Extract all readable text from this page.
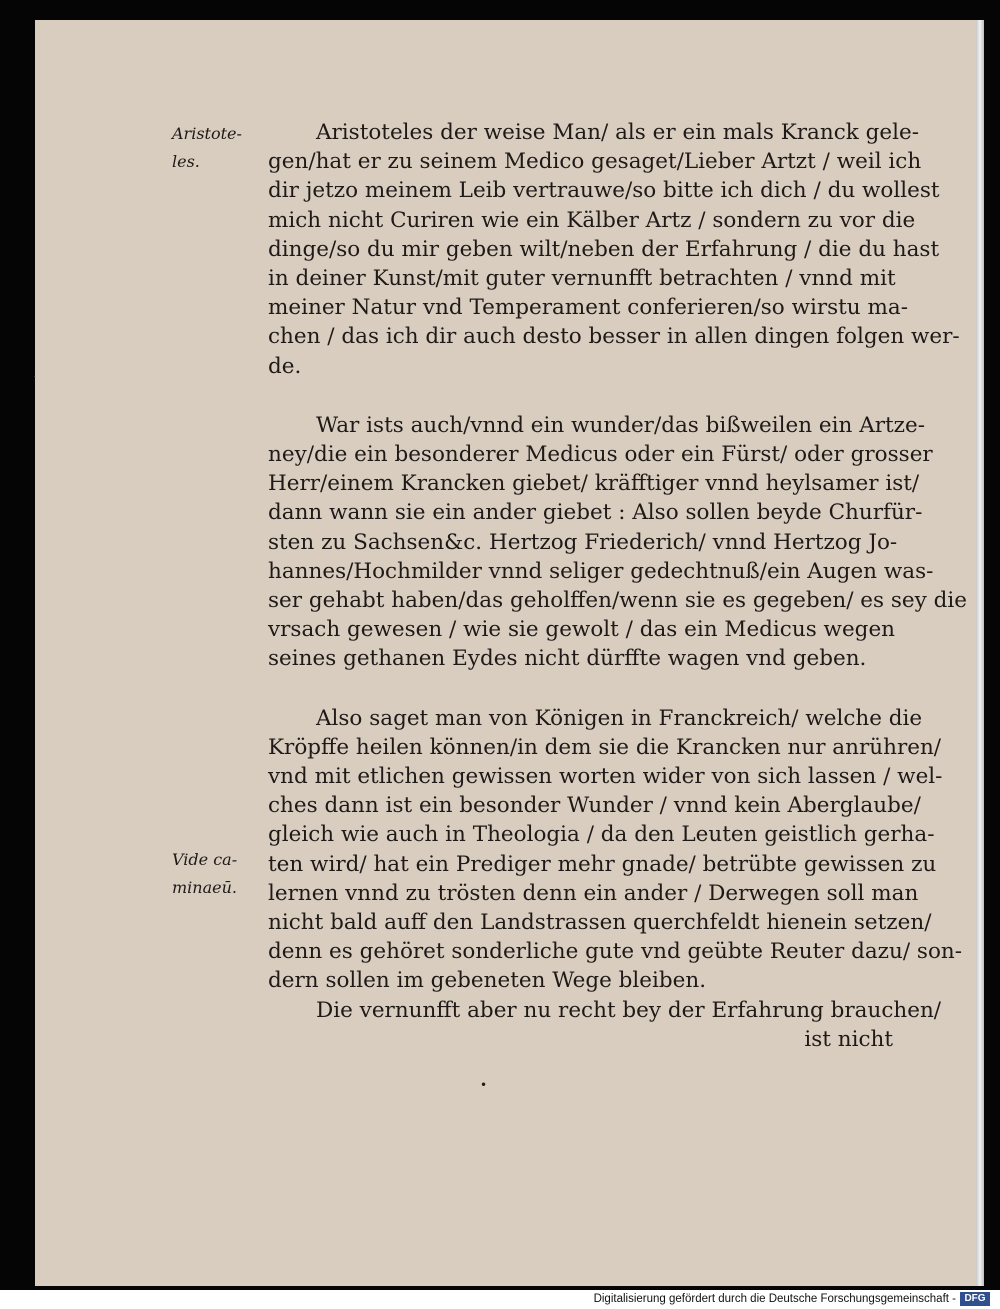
·
Aristote-
les.
Vide ca-
minaeū.
Aristoteles der weise Man/ als er ein mals Kranck gele-
gen/hat er zu seinem Medico gesaget/Lieber Artzt / weil ich
dir jetzo meinem Leib vertrauwe/so bitte ich dich / du wollest
mich nicht Curiren wie ein Kälber Artz / sondern zu vor die
dinge/so du mir geben wilt/neben der Erfahrung / die du hast
in deiner Kunst/mit guter vernunfft betrachten / vnnd mit
meiner Natur vnd Temperament conferieren/so wirstu ma-
chen / das ich dir auch desto besser in allen dingen folgen wer-
de.
War ists auch/vnnd ein wunder/das bißweilen ein Artze-
ney/die ein besonderer Medicus oder ein Fürst/ oder grosser
Herr/einem Krancken giebet/ kräfftiger vnnd heylsamer ist/
dann wann sie ein ander giebet : Also sollen beyde Churfür-
sten zu Sachsen&c. Hertzog Friederich/ vnnd Hertzog Jo-
hannes/Hochmilder vnnd seliger gedechtnuß/ein Augen was-
ser gehabt haben/das geholffen/wenn sie es gegeben/ es sey die
vrsach gewesen / wie sie gewolt / das ein Medicus wegen
seines gethanen Eydes nicht dürffte wagen vnd geben.
Also saget man von Königen in Franckreich/ welche die
Kröpffe heilen können/in dem sie die Krancken nur anrühren/
vnd mit etlichen gewissen worten wider von sich lassen / wel-
ches dann ist ein besonder Wunder / vnnd kein Aberglaube/
gleich wie auch in Theologia / da den Leuten geistlich gerha-
ten wird/ hat ein Prediger mehr gnade/ betrübte gewissen zu
lernen vnnd zu trösten denn ein ander / Derwegen soll man
nicht bald auff den Landstrassen querchfeldt hienein setzen/
denn es gehöret sonderliche gute vnd geübte Reuter dazu/ son-
dern sollen im gebeneten Wege bleiben.
Die vernunfft aber nu recht bey der Erfahrung brauchen/
ist nicht
•
Digitalisierung gefördert durch die Deutsche Forschungsgemeinschaft - DFG
